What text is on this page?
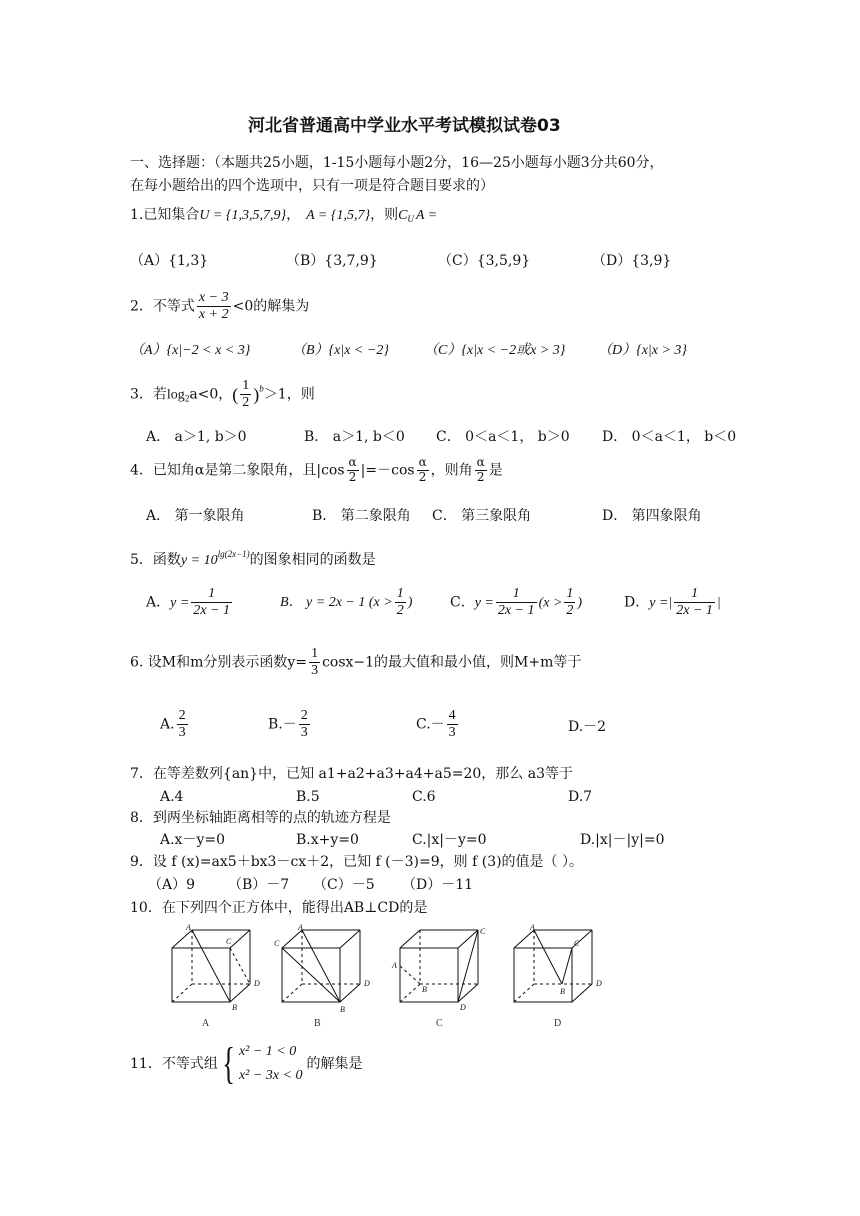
河北省普通高中学业水平考试模拟试卷03
一、选择题：（本题共25小题，1-15小题每小题2分，16—25小题每小题3分共60分，
在每小题给出的四个选项中，只有一项是符合题目要求的）
1.已知集合U = {1,3,5,7,9}， A = {1,5,7}，则$C_U$ A =
（A）{1,3}	（B）{3,7,9}	（C）{3,5,9}	（D）{3,9}
2．不等式 $\frac{x - 3}{x + 2} <0$的解集为
（A）{x|−2 < x < 3}	（B）{x|x < −2}	（C）{x|x < −2或x > 3} （D）{x|x > 3}
3．若$\log_2a<0$，( $\frac{1}{2} )^b>1$，则
A． a＞1, b＞0	B． a＞1, b＜0 C． 0＜a＜1， b＞0 D． 0＜a＜1， b＜0
4．已知角α是第二象限角，且$|\cos \frac{\alpha}{2} |=-\cos \frac{\alpha}{2}$ ，则角 $\frac{\alpha}{2}$ 是
A． 第一象限角	B． 第二象限角 C． 第三象限角	D． 第四象限角
5．函数$y = 10^{lg(2x-1)}$的图象相同的函数是
A．$y = \frac{1}{2x - 1}$	B． y = 2x − 1 ($x > \frac{1}{2}$ )	C．$y = \frac{1}{2x - 1} (x > \frac{1}{2}$ )	D．y =| $\frac{1}{2x - 1}$ |
6. 设M和m分别表示函数$y= \frac{1}{3} \cos x-1$的最大值和最小值，则M+m等于
A. $\frac{2}{3}$	$B.- \frac{2}{3}$	$C.- \frac{4}{3}$	D.－2
7．在等差数列{an}中，已知 a1+a2+a3+a4+a5=20，那么 a3等于
A.4	B.5	C.6	D.7
8．到两坐标轴距离相等的点的轨迹方程是
A.x－y=0	B.x+y=0	C.|x|－y=0	D.|x|－|y|=0
9．设 f (x)=ax5＋bx3－cx＋2，已知 f (－3)=9，则 f (3)的值是（ ）。
（A）9 （B）－7 （C）－5 （D）－11
10．在下列四个正方体中，能得出AB⊥CD的是
A
C
B
D
A
C
B
D
A
C
B
D
A
C
B
D
A	B	C	D
11．不等式组{ x² − 1 < 0
x² − 3x < 0
的解集是
